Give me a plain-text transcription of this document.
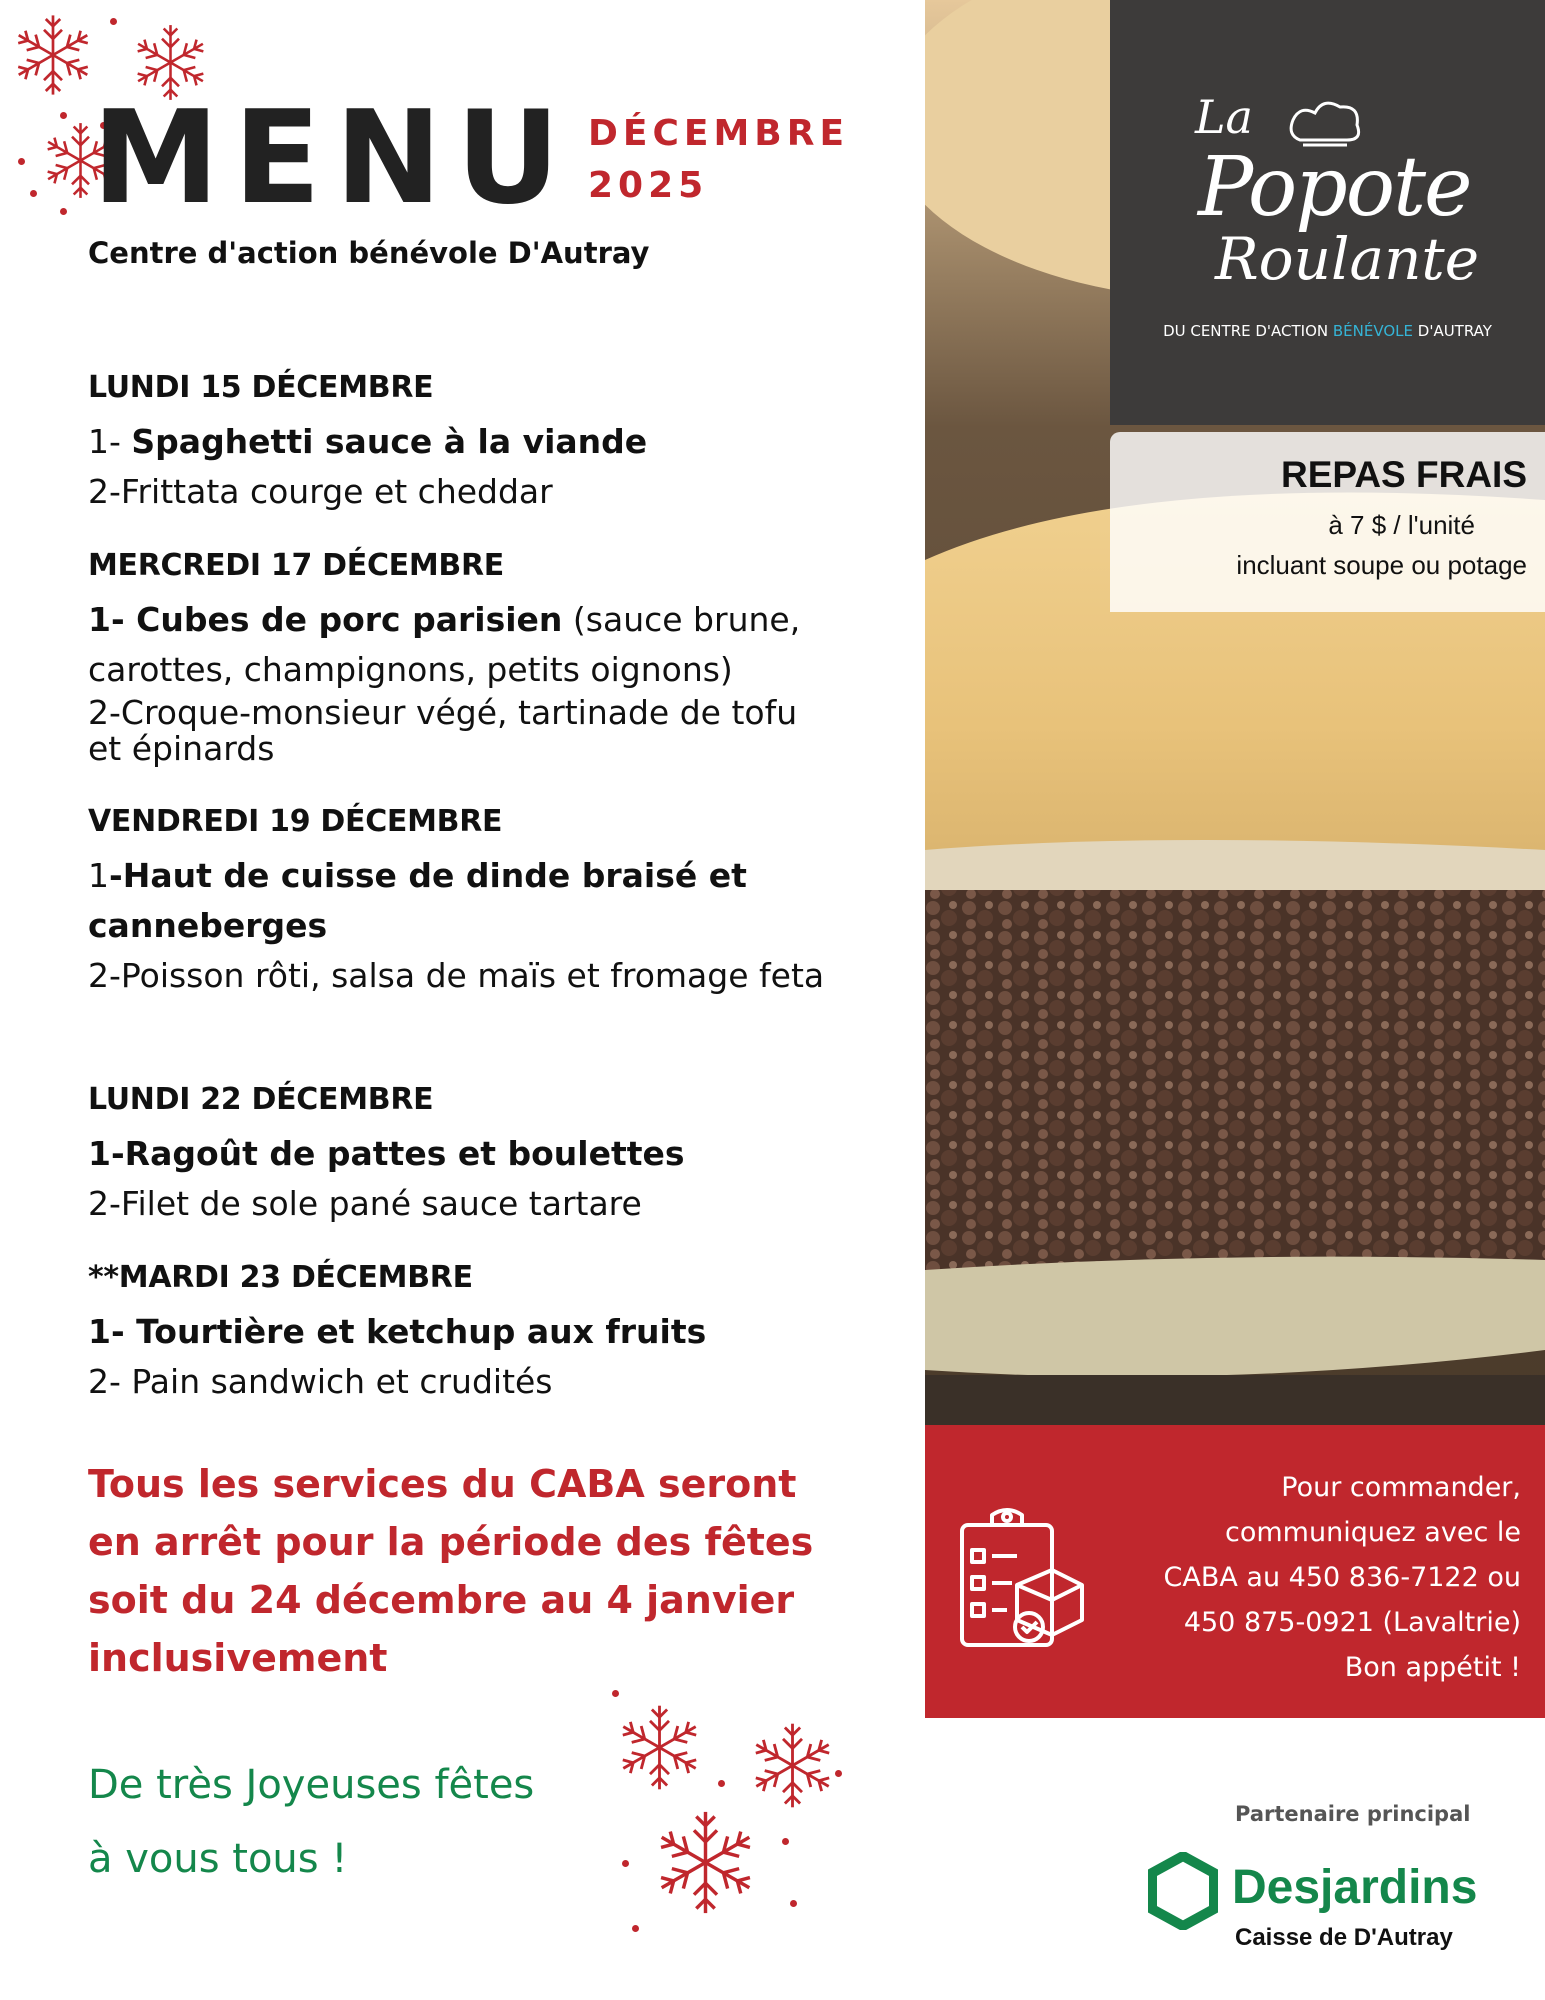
MENU DÉCEMBRE
2025
Centre d'action bénévole D'Autray
LUNDI 15 DÉCEMBRE
1- Spaghetti sauce à la viande
2-Frittata courge et cheddar
MERCREDI 17 DÉCEMBRE
1- Cubes de porc parisien (sauce brune, carottes, champignons, petits oignons)
2-Croque-monsieur végé, tartinade de tofu et épinards
VENDREDI 19 DÉCEMBRE
1-Haut de cuisse de dinde braisé et canneberges
2-Poisson rôti, salsa de maïs et fromage feta
LUNDI 22 DÉCEMBRE
1-Ragoût de pattes et boulettes
2-Filet de sole pané sauce tartare
**MARDI 23 DÉCEMBRE
1- Tourtière et ketchup aux fruits
2- Pain sandwich et crudités
Tous les services du CABA seront en arrêt pour la période des fêtes soit du 24 décembre au 4 janvier inclusivement
De très Joyeuses fêtes
à vous tous !
La
Popote
Roulante
DU CENTRE D'ACTION BÉNÉVOLE D'AUTRAY
REPAS FRAIS
à 7 $ / l'unité
incluant soupe ou potage
Pour commander,
communiquez avec le
CABA au 450 836-7122 ou
450 875-0921 (Lavaltrie)
Bon appétit !
Partenaire principal
Desjardins
Caisse de D'Autray
